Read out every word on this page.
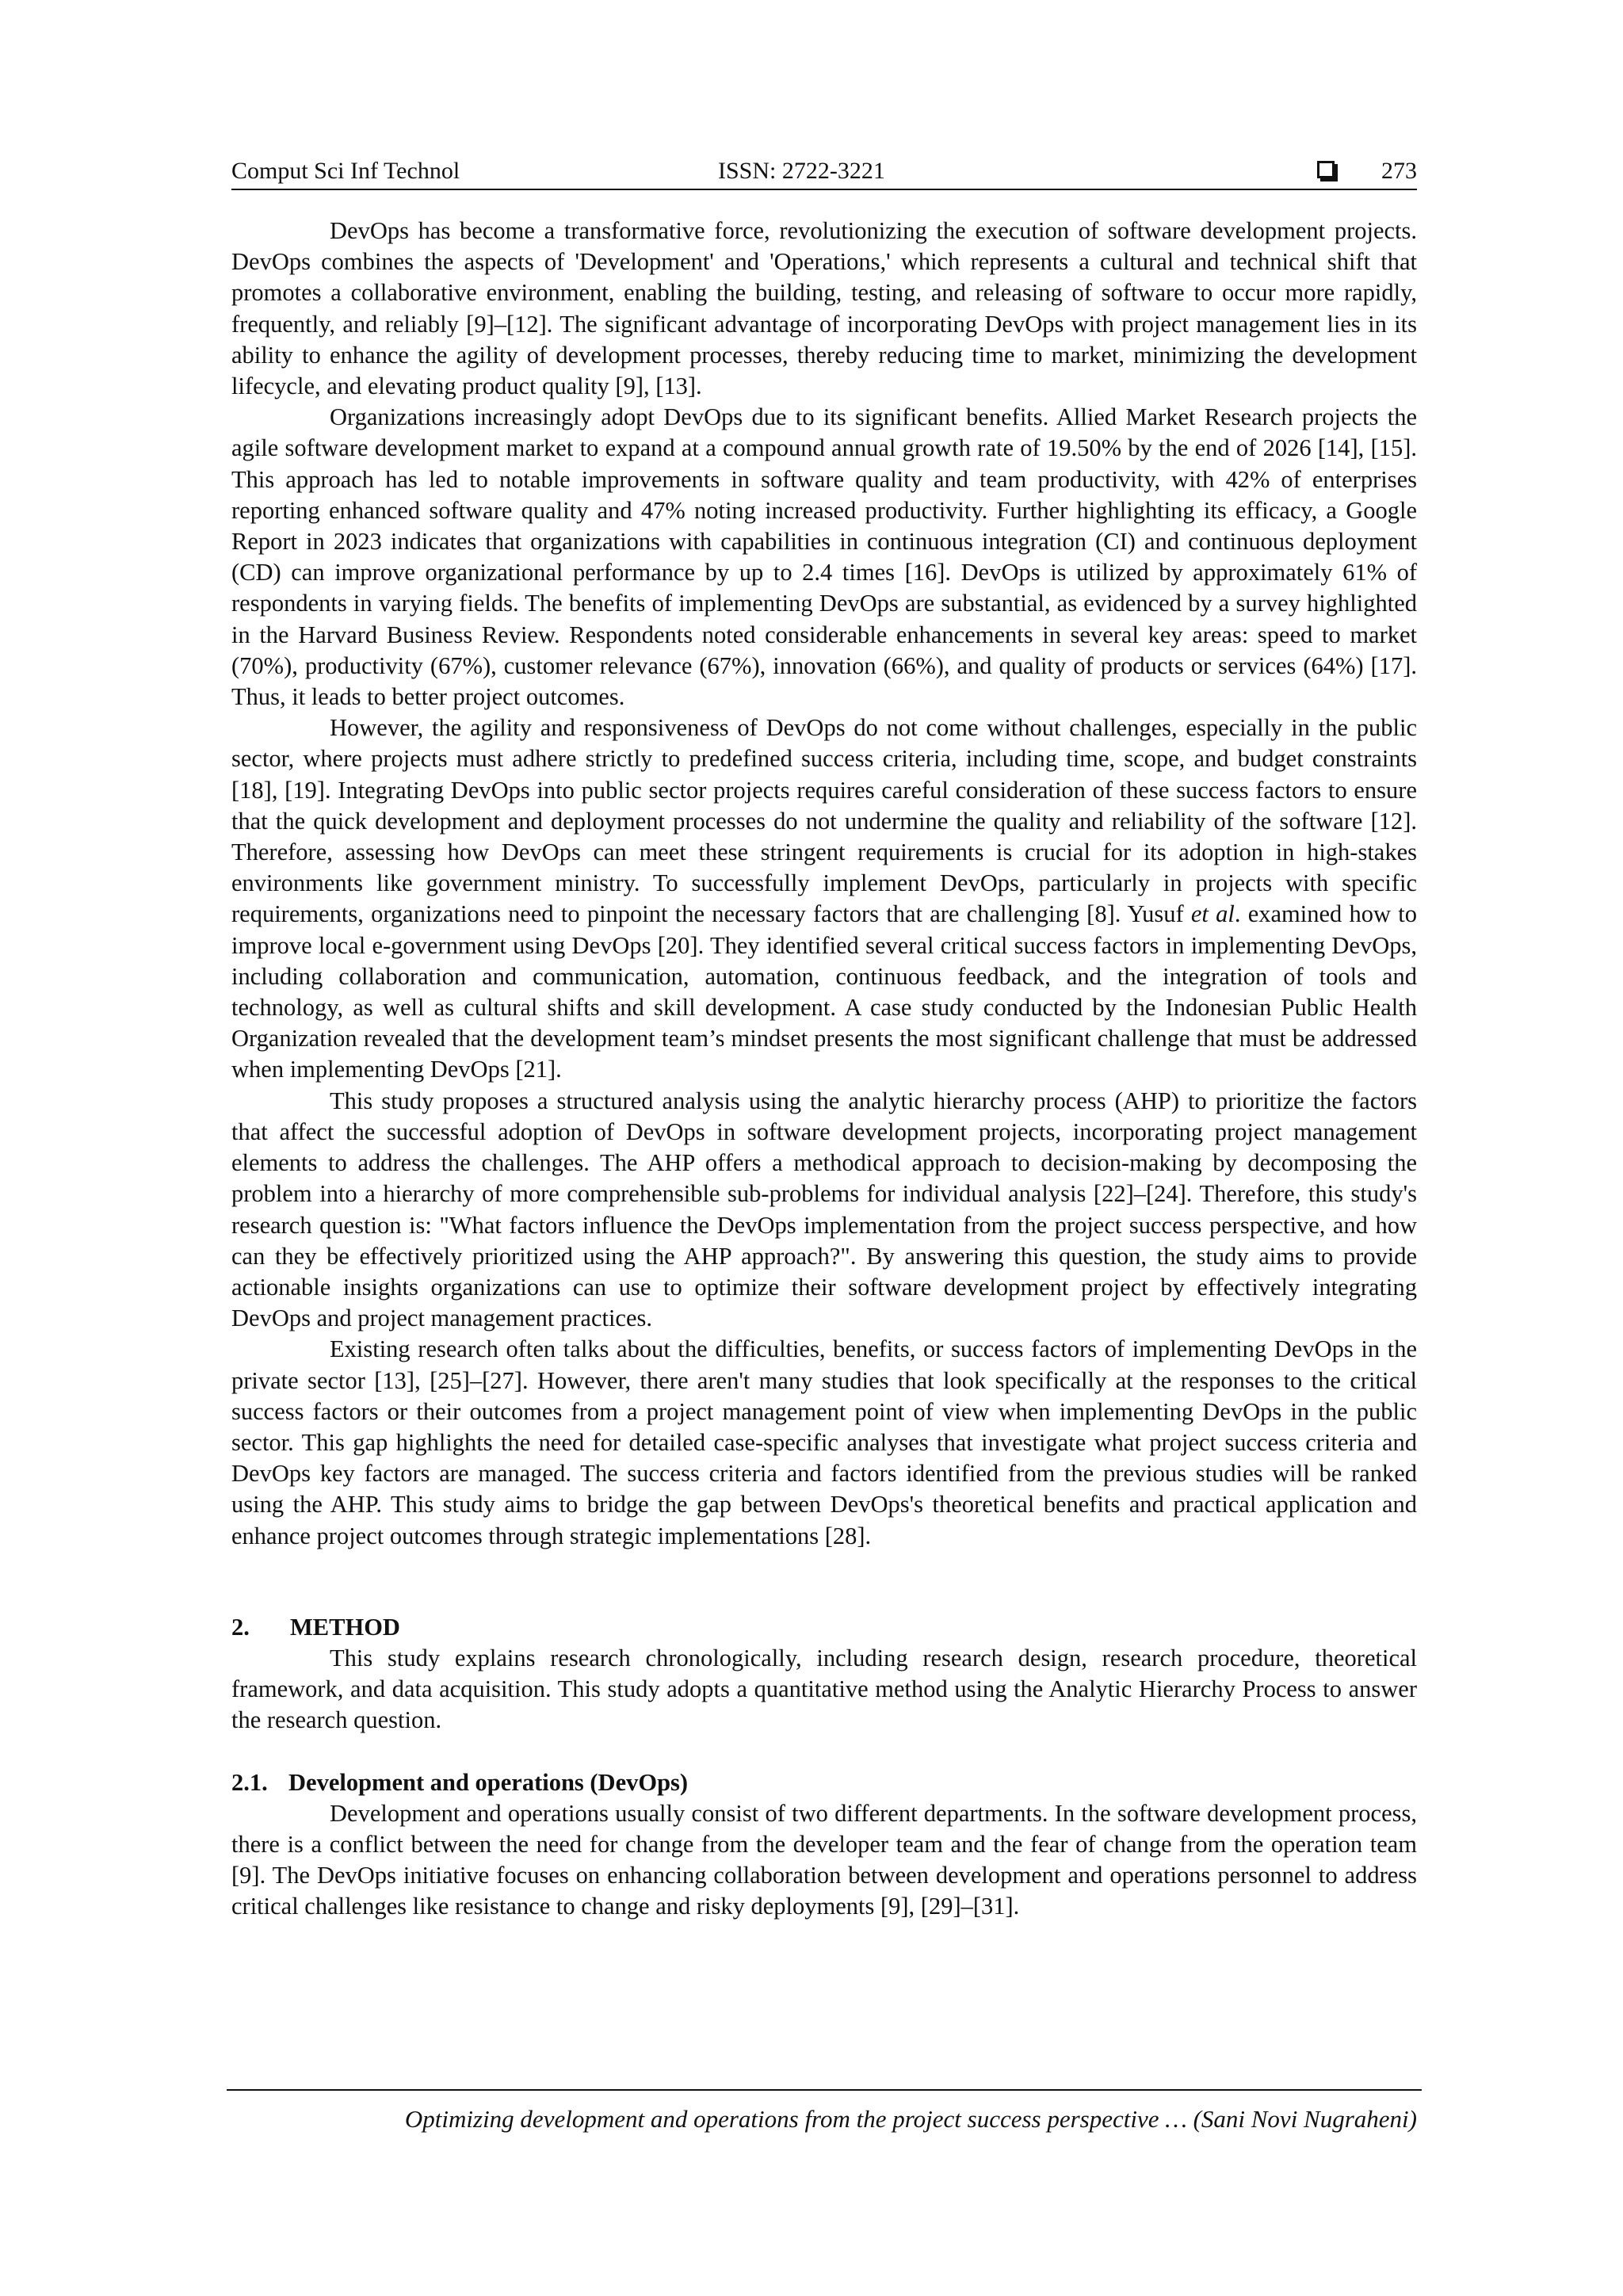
Comput Sci Inf Technol	ISSN: 2722-3221	273

DevOps has become a transformative force, revolutionizing the execution of software development projects. DevOps combines the aspects of 'Development' and 'Operations,' which represents a cultural and technical shift that promotes a collaborative environment, enabling the building, testing, and releasing of software to occur more rapidly, frequently, and reliably [9]–[12]. The significant advantage of incorporating DevOps with project management lies in its ability to enhance the agility of development processes, thereby reducing time to market, minimizing the development lifecycle, and elevating product quality [9], [13].

Organizations increasingly adopt DevOps due to its significant benefits. Allied Market Research projects the agile software development market to expand at a compound annual growth rate of 19.50% by the end of 2026 [14], [15]. This approach has led to notable improvements in software quality and team productivity, with 42% of enterprises reporting enhanced software quality and 47% noting increased productivity. Further highlighting its efficacy, a Google Report in 2023 indicates that organizations with capabilities in continuous integration (CI) and continuous deployment (CD) can improve organizational performance by up to 2.4 times [16]. DevOps is utilized by approximately 61% of respondents in varying fields. The benefits of implementing DevOps are substantial, as evidenced by a survey highlighted in the Harvard Business Review. Respondents noted considerable enhancements in several key areas: speed to market (70%), productivity (67%), customer relevance (67%), innovation (66%), and quality of products or services (64%) [17]. Thus, it leads to better project outcomes.

However, the agility and responsiveness of DevOps do not come without challenges, especially in the public sector, where projects must adhere strictly to predefined success criteria, including time, scope, and budget constraints [18], [19]. Integrating DevOps into public sector projects requires careful consideration of these success factors to ensure that the quick development and deployment processes do not undermine the quality and reliability of the software [12]. Therefore, assessing how DevOps can meet these stringent requirements is crucial for its adoption in high-stakes environments like government ministry. To successfully implement DevOps, particularly in projects with specific requirements, organizations need to pinpoint the necessary factors that are challenging [8]. Yusuf et al. examined how to improve local e-government using DevOps [20]. They identified several critical success factors in implementing DevOps, including collaboration and communication, automation, continuous feedback, and the integration of tools and technology, as well as cultural shifts and skill development. A case study conducted by the Indonesian Public Health Organization revealed that the development team’s mindset presents the most significant challenge that must be addressed when implementing DevOps [21].

This study proposes a structured analysis using the analytic hierarchy process (AHP) to prioritize the factors that affect the successful adoption of DevOps in software development projects, incorporating project management elements to address the challenges. The AHP offers a methodical approach to decision-making by decomposing the problem into a hierarchy of more comprehensible sub-problems for individual analysis [22]–[24]. Therefore, this study's research question is: "What factors influence the DevOps implementation from the project success perspective, and how can they be effectively prioritized using the AHP approach?". By answering this question, the study aims to provide actionable insights organizations can use to optimize their software development project by effectively integrating DevOps and project management practices.

Existing research often talks about the difficulties, benefits, or success factors of implementing DevOps in the private sector [13], [25]–[27]. However, there aren't many studies that look specifically at the responses to the critical success factors or their outcomes from a project management point of view when implementing DevOps in the public sector. This gap highlights the need for detailed case-specific analyses that investigate what project success criteria and DevOps key factors are managed. The success criteria and factors identified from the previous studies will be ranked using the AHP. This study aims to bridge the gap between DevOps's theoretical benefits and practical application and enhance project outcomes through strategic implementations [28].

2.	METHOD

This study explains research chronologically, including research design, research procedure, theoretical framework, and data acquisition. This study adopts a quantitative method using the Analytic Hierarchy Process to answer the research question.

2.1. Development and operations (DevOps)

Development and operations usually consist of two different departments. In the software development process, there is a conflict between the need for change from the developer team and the fear of change from the operation team [9]. The DevOps initiative focuses on enhancing collaboration between development and operations personnel to address critical challenges like resistance to change and risky deployments [9], [29]–[31].

Optimizing development and operations from the project success perspective … (Sani Novi Nugraheni)
